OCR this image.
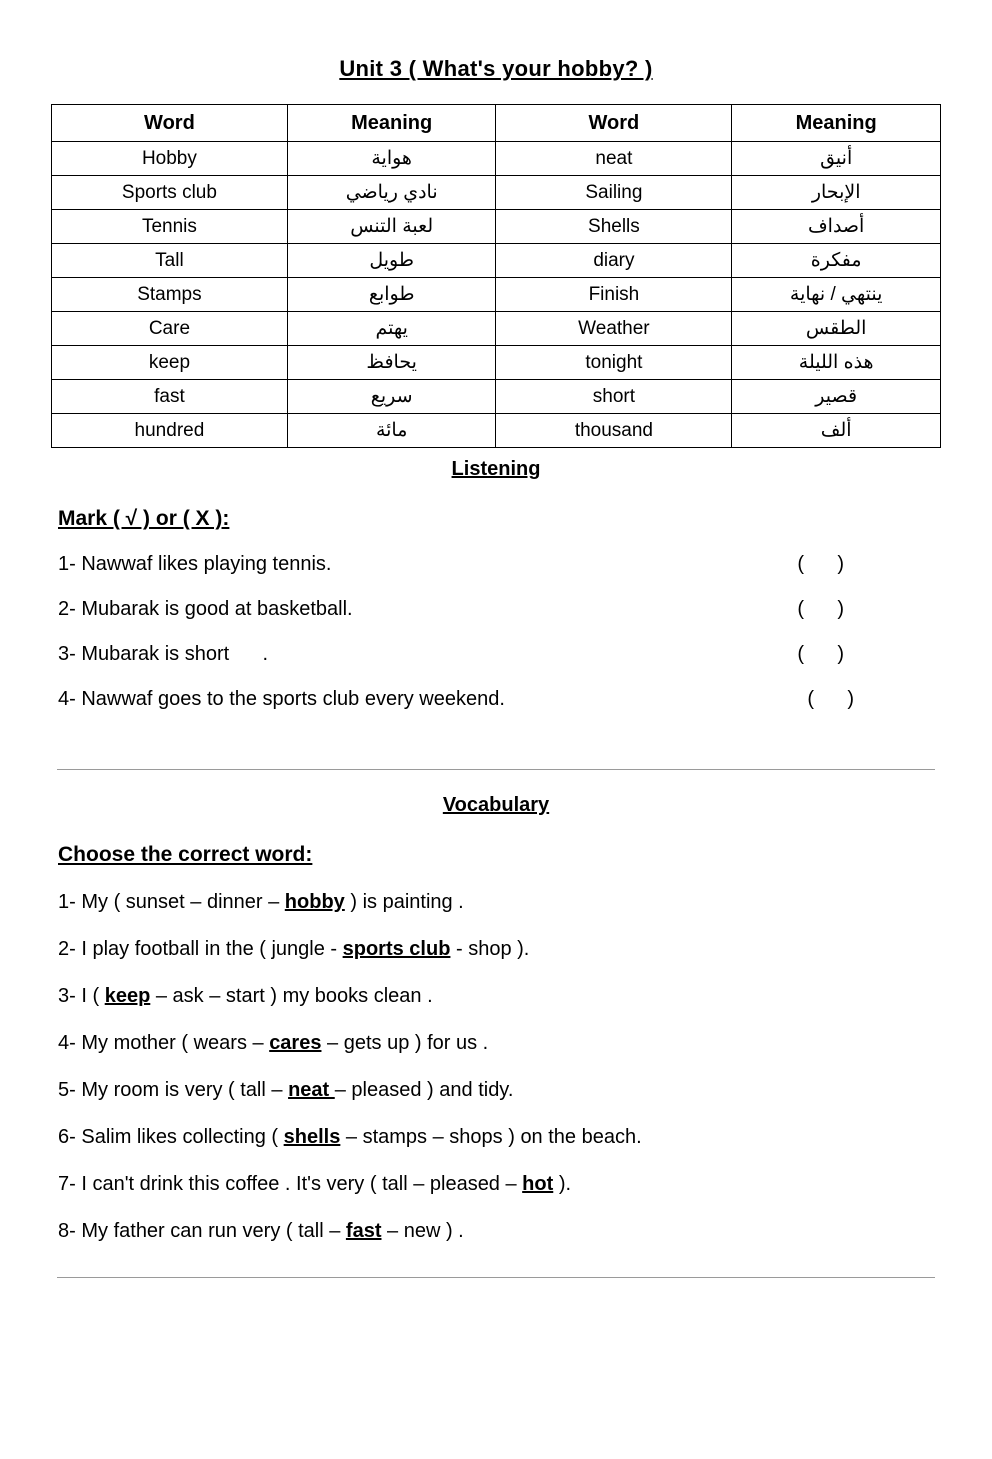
Unit 3 ( What's your hobby? )
Word	Meaning	Word	Meaning
Hobby	هواية	neat	أنيق
Sports club	نادي رياضي	Sailing	الإبحار
Tennis	لعبة التنس	Shells	أصداف
Tall	طويل	diary	مفكرة
Stamps	طوابع	Finish	ينتهي / نهاية
Care	يهتم	Weather	الطقس
keep	يحافظ	tonight	هذه الليلة
fast	سريع	short	قصير
hundred	مائة	thousand	ألف
Listening
Mark ( √ ) or ( X ):
1- Nawwaf likes playing tennis.	(      )
2- Mubarak is good at basketball.	(      )
3- Mubarak is short      .	(      )
4- Nawwaf goes to the sports club every weekend.	(      )
Vocabulary
Choose the correct word:
1- My ( sunset – dinner – hobby ) is painting .
2- I play football in the ( jungle - sports club - shop ).
3- I ( keep – ask – start ) my books clean .
4- My mother ( wears – cares – gets up ) for us .
5- My room is very ( tall – neat – pleased ) and tidy.
6- Salim likes collecting ( shells – stamps – shops ) on the beach.
7- I can't drink this coffee . It's very ( tall – pleased – hot ).
8- My father can run very ( tall – fast – new ) .
